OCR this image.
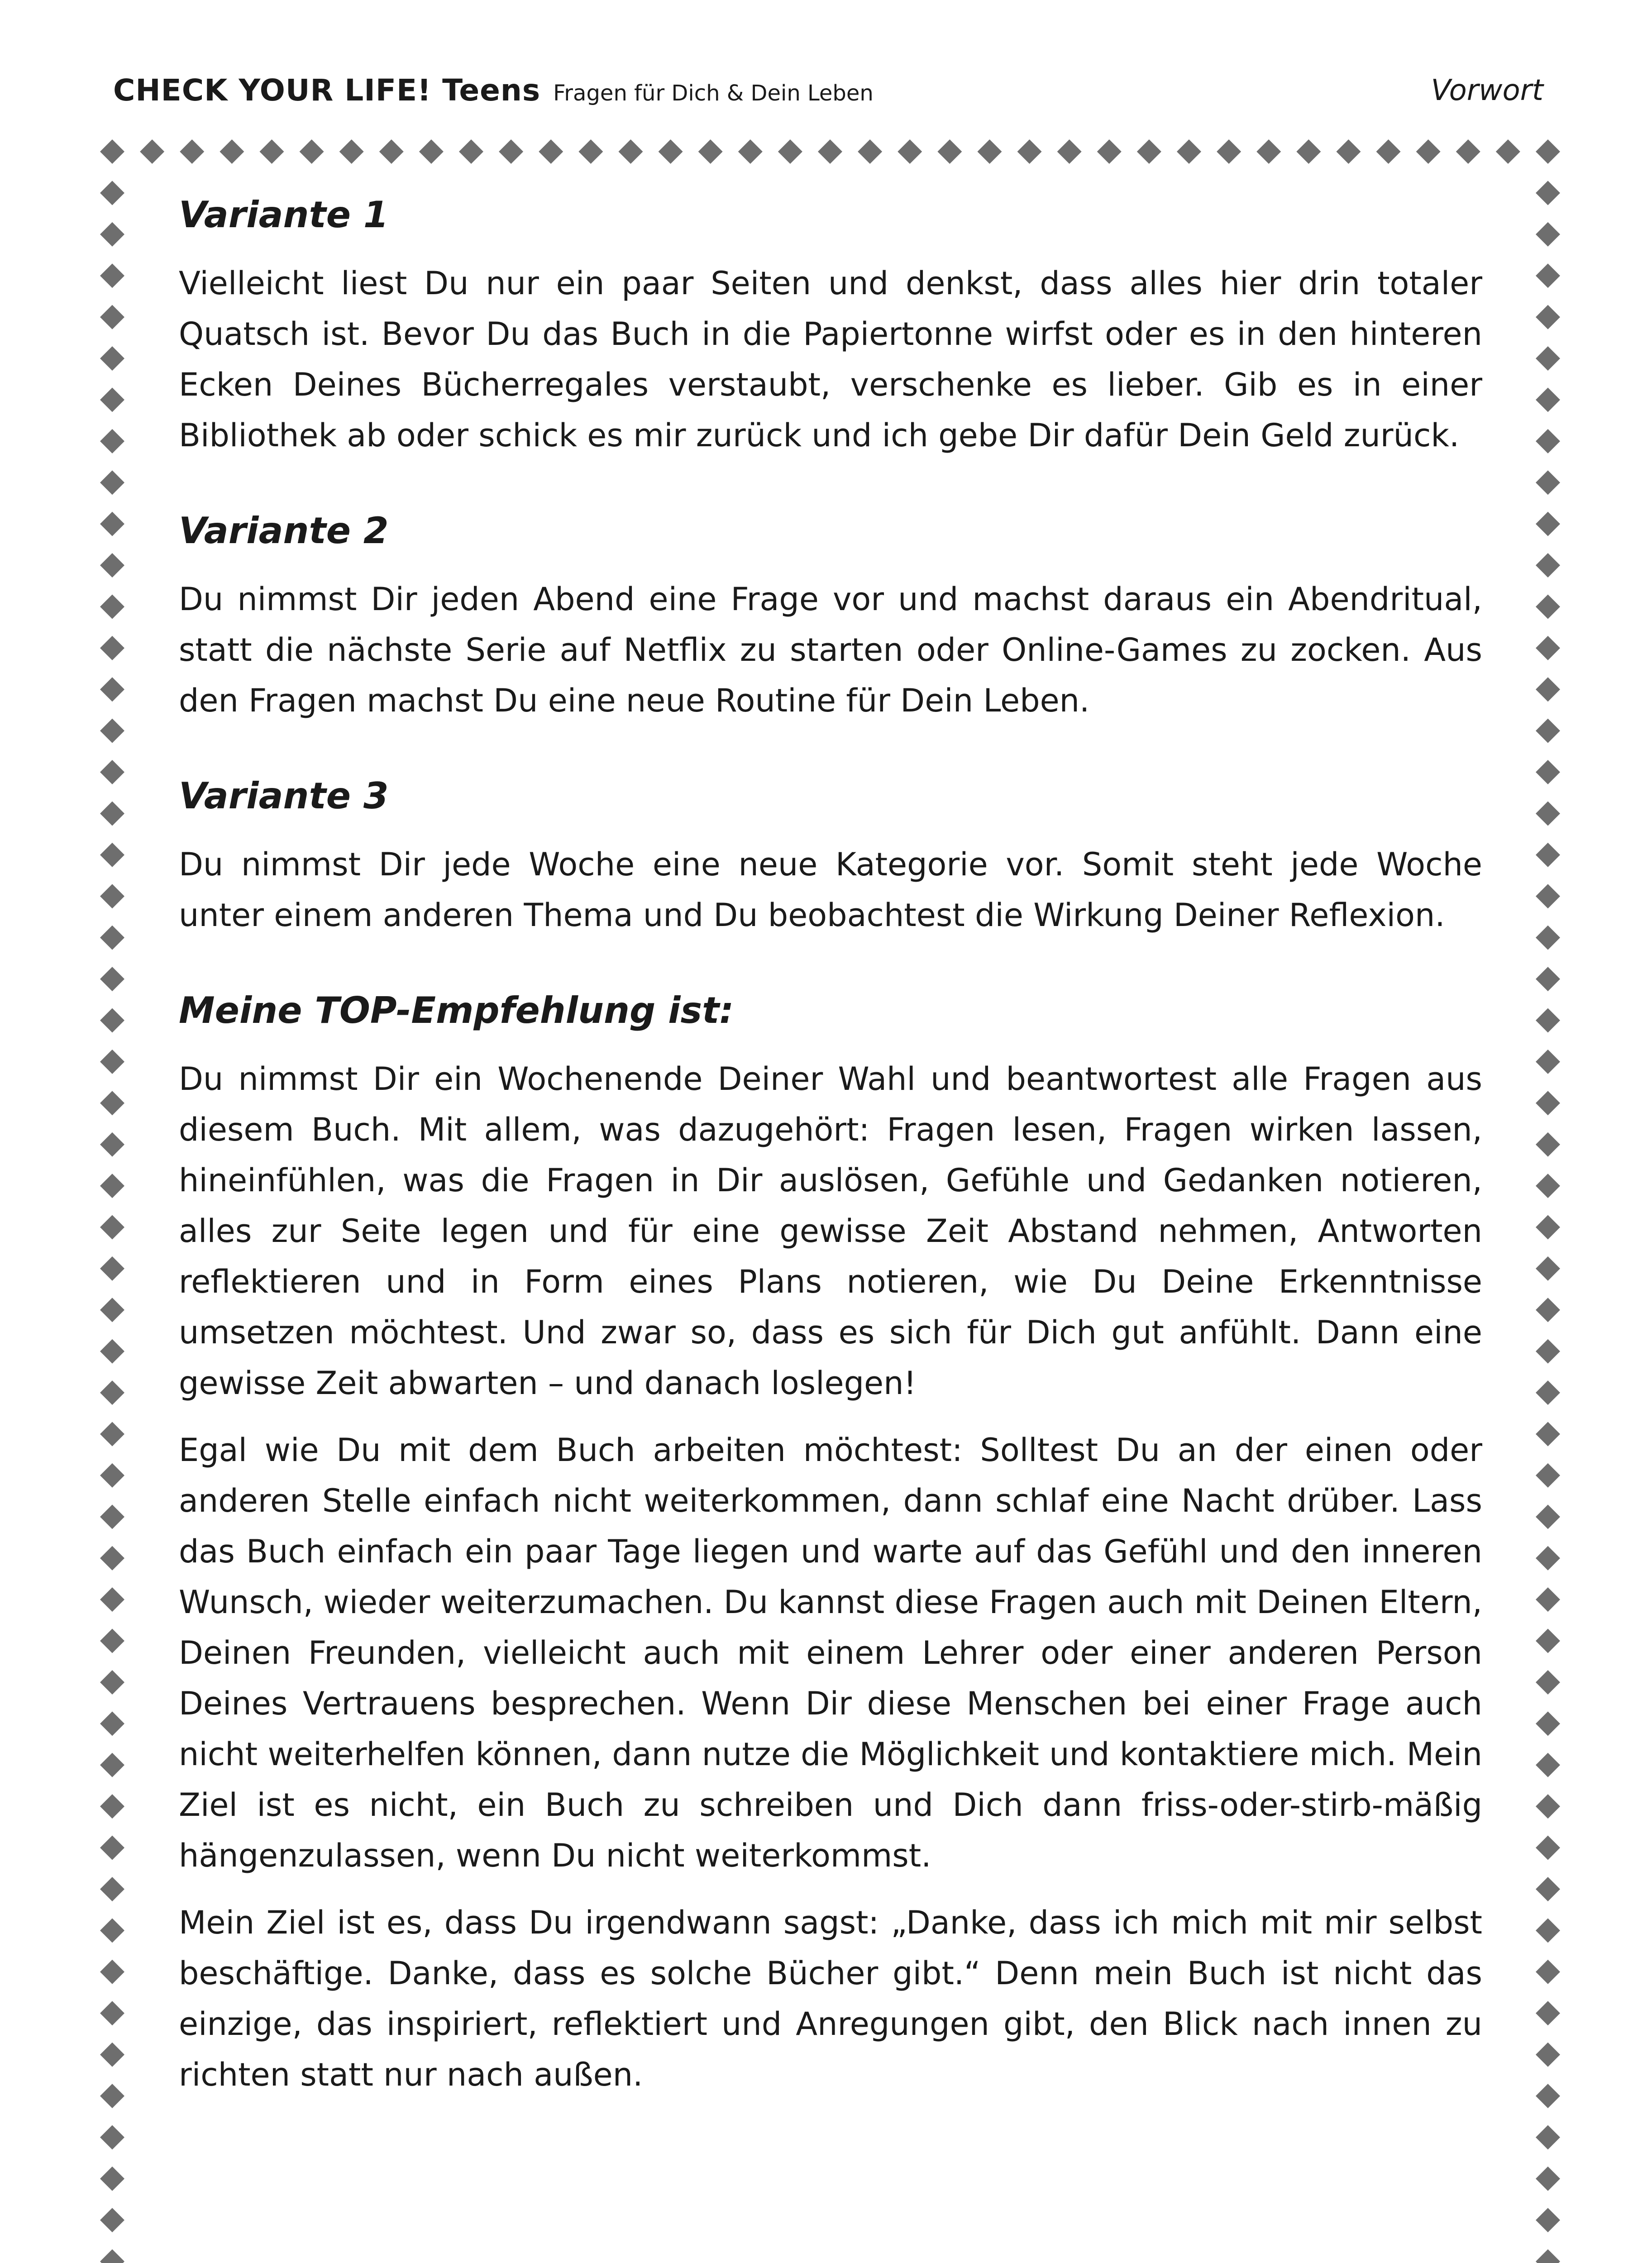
CHECK YOUR LIFE! Teens Fragen für Dich & Dein Leben	Vorwort
Variante 1

Vielleicht liest Du nur ein paar Seiten und denkst, dass alles hier drin totaler Quatsch ist. Bevor Du das Buch in die Papiertonne wirfst oder es in den hinteren Ecken Deines Bücherregales verstaubt, verschenke es lieber. Gib es in einer Bibliothek ab oder schick es mir zurück und ich gebe Dir dafür Dein Geld zurück.

Variante 2

Du nimmst Dir jeden Abend eine Frage vor und machst daraus ein Abendritual, statt die nächste Serie auf Netflix zu starten oder Online-Games zu zocken. Aus den Fragen machst Du eine neue Routine für Dein Leben.

Variante 3

Du nimmst Dir jede Woche eine neue Kategorie vor. Somit steht jede Woche unter einem anderen Thema und Du beobachtest die Wirkung Deiner Reflexion.

Meine TOP-Empfehlung ist:

Du nimmst Dir ein Wochenende Deiner Wahl und beantwortest alle Fragen aus diesem Buch. Mit allem, was dazugehört: Fragen lesen, Fragen wirken lassen, hineinfühlen, was die Fragen in Dir auslösen, Gefühle und Gedanken notieren, alles zur Seite legen und für eine gewisse Zeit Abstand nehmen, Antworten reflektieren und in Form eines Plans notieren, wie Du Deine Erkenntnisse umsetzen möchtest. Und zwar so, dass es sich für Dich gut anfühlt. Dann eine gewisse Zeit abwarten – und danach loslegen!

Egal wie Du mit dem Buch arbeiten möchtest: Solltest Du an der einen oder anderen Stelle einfach nicht weiterkommen, dann schlaf eine Nacht drüber. Lass das Buch einfach ein paar Tage liegen und warte auf das Gefühl und den inneren Wunsch, wieder weiterzumachen. Du kannst diese Fragen auch mit Deinen Eltern, Deinen Freunden, vielleicht auch mit einem Lehrer oder einer anderen Person Deines Vertrauens besprechen. Wenn Dir diese Menschen bei einer Frage auch nicht weiterhelfen können, dann nutze die Möglichkeit und kontaktiere mich. Mein Ziel ist es nicht, ein Buch zu schreiben und Dich dann friss-oder-stirb-mäßig hängenzulassen, wenn Du nicht weiterkommst.

Mein Ziel ist es, dass Du irgendwann sagst: „Danke, dass ich mich mit mir selbst beschäftige. Danke, dass es solche Bücher gibt.“ Denn mein Buch ist nicht das einzige, das inspiriert, reflektiert und Anregungen gibt, den Blick nach innen zu richten statt nur nach außen.
